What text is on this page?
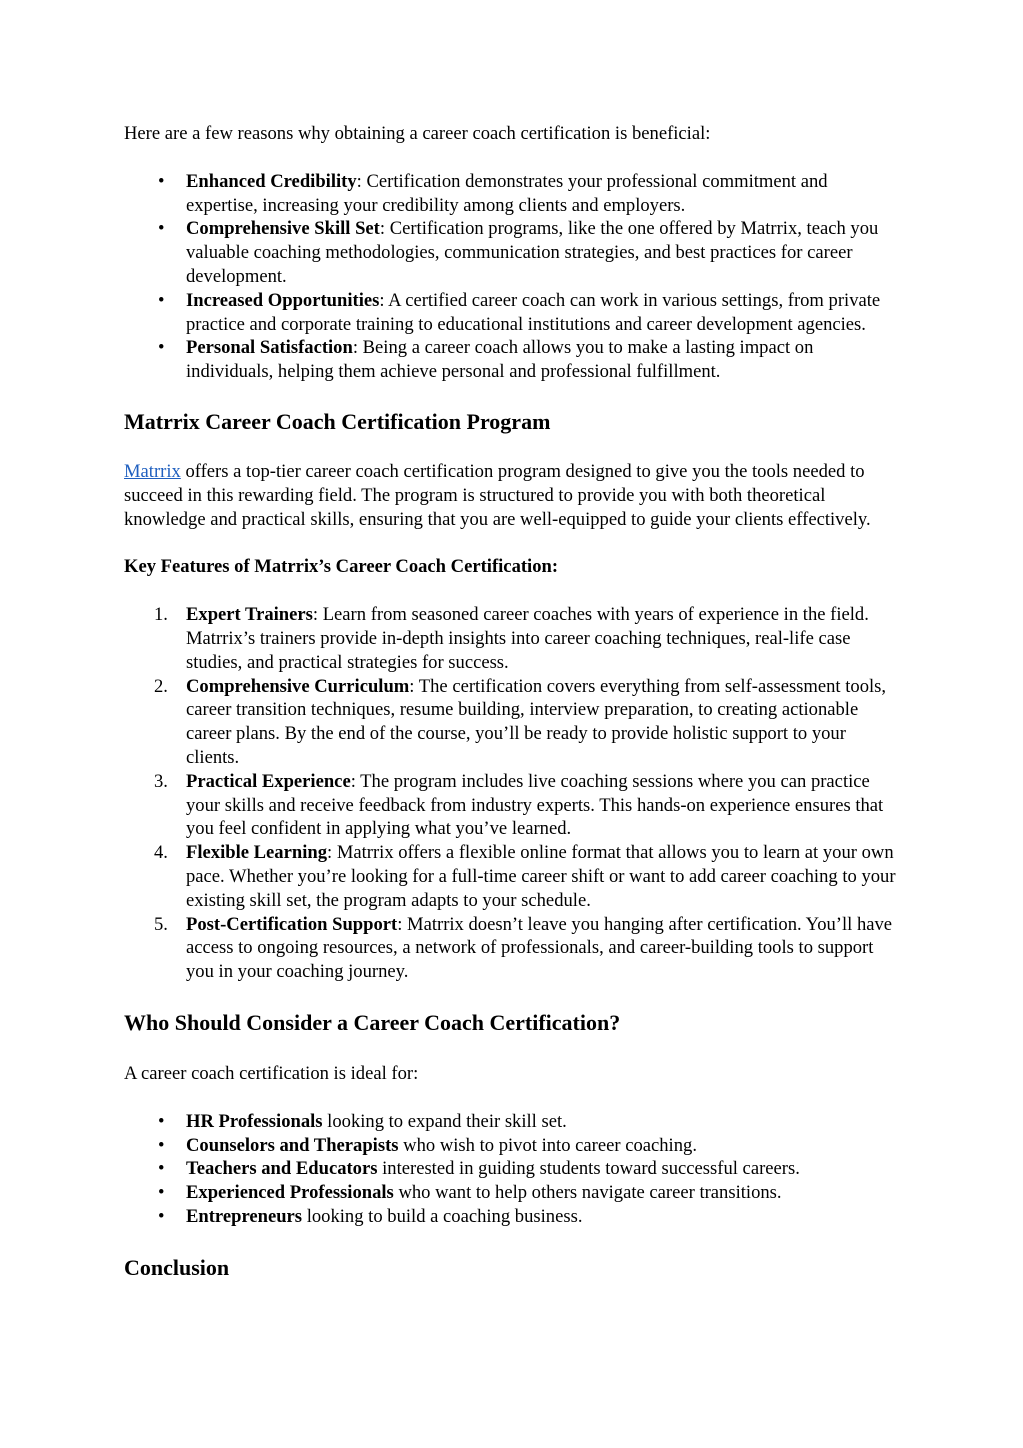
Here are a few reasons why obtaining a career coach certification is beneficial:

• Enhanced Credibility: Certification demonstrates your professional commitment and expertise, increasing your credibility among clients and employers.
• Comprehensive Skill Set: Certification programs, like the one offered by Matrrix, teach you valuable coaching methodologies, communication strategies, and best practices for career development.
• Increased Opportunities: A certified career coach can work in various settings, from private practice and corporate training to educational institutions and career development agencies.
• Personal Satisfaction: Being a career coach allows you to make a lasting impact on individuals, helping them achieve personal and professional fulfillment.
Matrrix Career Coach Certification Program

Matrrix offers a top-tier career coach certification program designed to give you the tools needed to succeed in this rewarding field. The program is structured to provide you with both theoretical knowledge and practical skills, ensuring that you are well-equipped to guide your clients effectively.

Key Features of Matrrix’s Career Coach Certification:
1. Expert Trainers: Learn from seasoned career coaches with years of experience in the field. Matrrix’s trainers provide in-depth insights into career coaching techniques, real-life case studies, and practical strategies for success.
2. Comprehensive Curriculum: The certification covers everything from self-assessment tools, career transition techniques, resume building, interview preparation, to creating actionable career plans. By the end of the course, you’ll be ready to provide holistic support to your clients.
3. Practical Experience: The program includes live coaching sessions where you can practice your skills and receive feedback from industry experts. This hands-on experience ensures that you feel confident in applying what you’ve learned.
4. Flexible Learning: Matrrix offers a flexible online format that allows you to learn at your own pace. Whether you’re looking for a full-time career shift or want to add career coaching to your existing skill set, the program adapts to your schedule.
5. Post-Certification Support: Matrrix doesn’t leave you hanging after certification. You’ll have access to ongoing resources, a network of professionals, and career-building tools to support you in your coaching journey.
Who Should Consider a Career Coach Certification?

A career coach certification is ideal for:

• HR Professionals looking to expand their skill set.
• Counselors and Therapists who wish to pivot into career coaching.
• Teachers and Educators interested in guiding students toward successful careers.
• Experienced Professionals who want to help others navigate career transitions.
• Entrepreneurs looking to build a coaching business.
Conclusion
